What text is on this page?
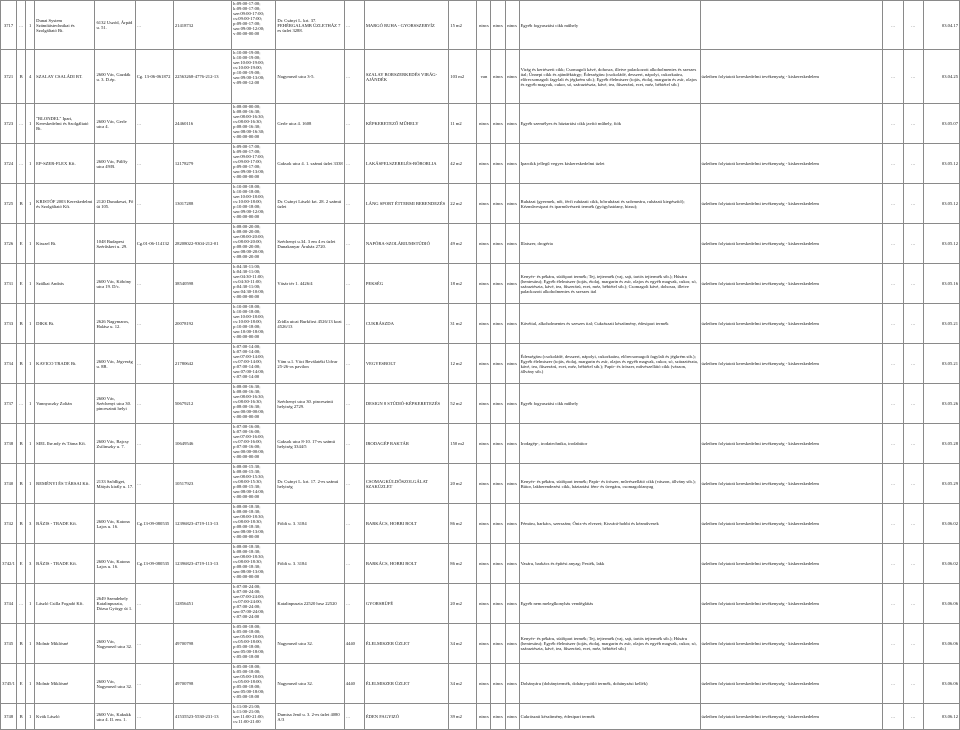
3717	…	1	Dunai System Számítástechnikai és Szolgáltató Bt.	6132 Uszód, Árpád u. 51.	…	21418732	h:09:00-17:00; k:09:00-17:00; sze:09:00-17:00; cs:09:00-17:00; p:09:00-17:00; szo:09:00-12:00; v:00:00-00:00	Dr. Csányi L. krt. 37. FEHÉRGALAMB ÜZLETHÁZ 7 es üzlet 3288.	…	MARGÓ RUHA - GYORSSZERVÍZ	15 m2	nincs	nincs	nincs	Egyéb fogyasztási cikk műhely		…	…	03.04.17
3721	B	4	SZALAY CSALÁDI BT.	2600 Vác, Gazdák u. 3. D.ép.	Cg. 13-06-061872	22563268-4776-212-13	h:10:00-19:00; k:10:00-19:00; sze:10:00-19:00; cs:10:00-19:00; p:10:00-19:00; szo:09:00-13:00; v:09:00-12:00	Nagymező utca 3-5.	…	SZALAY BORSZERKEDÉS VIRÁG-AJÁNDÉK	103 m2	van	nincs	nincs	Virág és kertészeti cikk; Csomagolt kávé, dohosra, illetve palackozott alkoholmentes és szeszes ital; Ünnepi cikk és ajándéktárgy; Édességáru (csokoládé, desszert, nápolyi, cukorkaáru, előrecsomagolt fagylalt és jégkrém stb.); Egyéb élelmiszer (tojás, étolaj, margarin és zsír, olajos és egyéb magvak, cukor, só, száraztészta, kávé, tea, fűszerárú, ecet, méz, bébiétel stb.)	üzletben folytatott kereskedelmi tevékenység - kiskereskedelem	…	…	03.04.25
3723	…	1	"BLONDEL" Ipari, Kereskedelmi és Szolgáltató Bt.	2600 Vác, Gerle utca 4.	…	24460116	h:08:00-00:00; k:08:00-16:30; sze:08:00-16:30; cs:08:00-16:30; p:08:00-16:30; szo:08:00-16:30; v:00:00-00:00	Gerle utca 4. 1608	…	KÉPKERETEZŐ MŰHELY	11 m2	nincs	nincs	nincs	Egyéb személyes és háztartási cikk javító műhely, fiók		…	…	03.05.07
3724	…	1	EP-SZER-FLEX Kft.	2600 Vác, Pálffy utca 49/B.	…	12178279	h:09:00-17:00; k:09:00-17:00; sze:09:00-17:00; cs:09:00-17:00; p:09:00-17:00; szo:09:00-13:00; v:00:00-00:00	Gaksok utca 4. 1. számú üzlet 3338	…	LAKÁSFELSZERELÉS-BÓBORLIA	42 m2	nincs	nincs	nincs	Iparcikk jellegű vegyes kiskereskedelmi üzlet	üzletben folytatott kereskedelmi tevékenység - kiskereskedelem	…	…	03.05.12
3725	B	1	KRISTÓF 2003 Kereskedelmi és Szolgáltató Kft.	2120 Dunakeszi, Fő út 105.	…	13017288	h:10:00-18:00; k:10:00-18:00; sze:10:00-18:00; cs:10:00-18:00; p:10:00-18:00; szo:09:00-12:00; v:00:00-00:00	Dr. Csányi László krt. 28. 2 számú üzlet	…	LÁNG SPORT ÉTTERMI BERENDEZÉS	22 m2	nincs	nincs	nincs	Ruházat (gyermek, női, férfi ruházati cikk, bőrruházat és szőrmeáru, ruházati kiegészítő); Kézművesipari és iparművészeti termék (gyógyhatóany, bizsu);	üzletben folytatott kereskedelmi tevékenység - kiskereskedelem	…	…	03.05.12
3726	E	1	Kisszel Bt.	1048 Budapest Szérűskert u. 29.	Cg.01-06-114132	28208022-9304-212-01	h:08:00-20:00; k:08:00-20:00; sze:08:00-20:00; cs:08:00-20:00; p:08:00-20:00; szo:08:00-20:00; v:08:00-20:00	Széchenyi u.34. 3 em 4 es üzlet Dunakanyar Áruház 2720.	…	NAPÓRA-SZOLÁRIUMSTÚDIÓ	49 m2	nincs	nincs	nincs	Illatszer, drogéria	üzletben folytatott kereskedelmi tevékenység - kiskereskedelem	…	…	03.05.12
3731	E	1	Szálkai András	2600 Vác, Köböny utca 19. D/c.	…	38540598	h:04:30-11:00; k:04:30-11:00; sze:04:30-11:00; cs:04:30-11:00; p:04:30-11:00; szo:04:30-10:00; v:00:00-00:00	Vásár tér 1. 4426/4	…	PEKSÉG	18 m2	nincs	nincs	nincs	Kenyér- és pékáru, sütőipari termék; Tej, tejtermék (vaj, sajt, tartós tejtermék stb.); Húsáru (hentesáru); Egyéb élelmiszer (tojás, étolaj, margarin és zsír, olajos és egyéb magvak, cukor, só, száraztészta, kávé, tea, fűszerárú, ecet, méz, bébiétel stb.); Csomagolt kávé, dohosra, illetve palackozott alkoholmentes és szeszes ital	üzletben folytatott kereskedelmi tevékenység - kiskereskedelem	…	…	03.05.16
3733	B	1	DIKK Bt.	2626 Nagymaros, Halász u. 12.	…	20078192	h:10:00-18:00; k:10:00-18:00; sze:10:00-18:00; cs:10:00-18:00; p:10:00-18:00; szo:10:00-18:00; v:00:00-00:00	Zrídla utcai Burkfirst 4526/13 kozt 4526/13	…	CUKRÁSZDA	31 m2	nincs	nincs	nincs	Kávéital, alkoholmentes és szeszes ital; Cukrászati készítmény, édesipari termék	üzletben folytatott kereskedelmi tevékenység - kiskereskedelem	…	…	03.05.21
3734	B	1	KAVICO TRADE Bt.	2600 Vác, Jégverág u. 8B.	…	21780642	h:07:00-14:00; k:07:00-14:00; sze:07:00-14:00; cs:07:00-14:00; p:07:00-14:00; szo:07:00-14:00; v:07:00-14:00	Vám u.1. Váci Beválatéki Udvar 25-26-os pavilon	…	VEGYESBOLT	12 m2	nincs	nincs	nincs	Édességáru (csokoládé, desszert, nápolyi, cukorkaáru, előrecsomagolt fagylalt és jégkrém stb.); Egyéb élelmiszer (tojás, étolaj, margarin és zsír, olajos és egyéb magvak, cukor, só, száraztészta, kávé, tea, fűszerárú, ecet, méz, bébiétel stb.); Papír- és írószer, művészellátó cikk (vászon, állvány stb.)	üzletben folytatott kereskedelmi tevékenység - kiskereskedelem	…	…	03.05.21
3737	…	1	Vannyaczky Zoltán	2600 Vác, Széchenyi utca 30. pinceszinti helyi	…	50679212	h:08:00-16:30; k:08:00-16:30; sze:08:00-16:30; cs:08:00-16:30; p:08:00-16:30; szo:00:00-00:00; v:00:00-00:00	Széchenyi utca 30. pinceszinti helyiség 2729.	…	DESIGN 8 STÚDIÓ-KÉPKERETEZÉS	52 m2	nincs	nincs	nincs	Egyéb fogyasztási cikk műhely		…	…	03.05.26
3738	B	1	SIEL Ihe.ndy és Tárna Kft.	2600 Vác, Bajcsy Zsilinszky u. 7.	…	10649546	h:07:00-16:00; k:07:00-16:00; sze:07:00-16:00; cs:07:00-16:00; p:07:00-16:00; szo:00:00-00:00; v:00:00-00:00	Gaksok utca 8-10. 17-es számú helyiség 3344/5	…	IRODAGÉP RAKTÁR	150 m2	nincs	nincs	nincs	Irodagép-, irodatechnika, irodabútor	üzletben folytatott kereskedelmi tevékenység - kiskereskedelem	…	…	03.05.28
3740	B	1	REMÉNYI ÉS TÁRSAI Kft.	2133 Sződliget, Mátyás király u. 17.	…	10517923	h:08:00-15:30; k:08:00-15:30; sze:08:00-15:30; cs:08:00-15:30; p:08:00-15:30; szo:08:00-14:00; v:00:00-00:00	Dr. Csányi L. krt. 17. 2-es számú helyiség	…	CSOMAGKÜLDŐSZOLGÁLAT SZAKÜZLET	20 m2	nincs	nincs	nincs	Kenyér- és pékáru, sütőipari termék; Papír- és írószer, művészellátó cikk (vászon, állvány stb.); Bútor, lakberendezési cikk, háztartási fém- és üvegáru, csomagolóanyag	üzletben folytatott kereskedelmi tevékenység - kiskereskedelem	…	…	03.05.29
3742	B	3	BÁZIS - TRADE Kft.	2600 Vác, Katona Lajos u. 16.	Cg.13-09-080535	12396823-4719-113-13	h:08:00-18:30; k:08:00-18:30; sze:08:00-18:30; cs:08:00-18:30; p:08:00-18:30; szo:08:00-13:00; v:00:00-00:00	Földi u. 3. 3184	…	BARKÁCS, HOBBI BOLT	86 m2	nincs	nincs	nincs	Fémáru, barkács, szerszám; Ónix-és elvezet; Kisvárá-hobbi és kézművesek	üzletben folytatott kereskedelmi tevékenység - kiskereskedelem	…	…	03.06.02
3742/1	E	3	BÁZIS - TRADE Kft.	2600 Vác, Katona Lajos u. 16.	Cg.13-09-080535	12396823-4719-113-13	h:08:00-18:30; k:08:00-18:30; sze:08:00-18:30; cs:08:00-18:30; p:08:00-18:30; szo:08:00-13:00; v:00:00-00:00	Földi u. 3. 3184	…	BARKÁCS, HOBBI BOLT	86 m2	nincs	nincs	nincs	Vasáru, barkács és építési anyag; Festék, lakk	üzletben folytatott kereskedelmi tevékenység - kiskereskedelem	…	…	03.06.02
3744	…	1	László Csilla Fogadó Kft.	2649 Szendehely Katalinpuszta, Dózsa György út 1.	…	12856451	h:07:00-24:00; k:07:00-24:00; sze:07:00-24:00; cs:07:00-24:00; p:07:00-24:00; szo:07:00-24:00; v:07:00-24:00	Katalinpuszta 22520 hrsz 22520	…	GYORSBÜFÉ	20 m2	nincs	nincs	nincs	Egyéb nem meleglkonyhás vendéglátás	üzletben folytatott kereskedelmi tevékenység - kiskereskedelem	…	…	03.06.06
3745	B	1	Molnár Miklósné	2600 Vác, Nagymező utca 32.	…	49700798	h:05:00-18:00; k:05:00-18:00; sze:05:00-18:00; cs:05:00-18:00; p:05:00-18:00; szo:05:00-18:00; v:05:00-18:00	Nagymező utca 32.	4440	ÉLELMISZER ÜZLET	34 m2	nincs	nincs	nincs	Kenyér- és pékáru, sütőipari termék; Tej, tejtermék (vaj, sajt, tartós tejtermék stb.); Húsáru (hentesáru); Egyéb élelmiszer (tojás, étolaj, margarin és zsír, olajos és egyéb magvak, cukor, só, száraztészta, kávé, tea, fűszerárú, ecet, méz, bébiétel stb.)	üzletben folytatott kereskedelmi tevékenység - kiskereskedelem	…	…	03.06.06
3745/1	E	1	Molnár Miklósné	2600 Vác, Nagymező utca 32.	…	49700798	h:05:00-18:00; k:05:00-18:00; sze:05:00-18:00; cs:05:00-18:00; p:05:00-18:00; szo:05:00-18:00; v:05:00-18:00	Nagymező utca 32.	4440	ÉLELMISZER ÜZLET	34 m2	nincs	nincs	nincs	Dohányáru (dohánytermék, dohány-pótló termék, dohányzási kellék)	üzletben folytatott kereskedelmi tevékenység - kiskereskedelem	…	…	03.06.06
3748	B	1	Kvák László	2600 Vác, Kakukk utca 4. II. em. 1.	…	41535523-5530-231-13	h:11:00-21:00; k:11:00-21:00; sze:11:00-21:00; cs:11:00-21:00	Dumtsa Jenő u. 3. 2-es üzlet 4080 A/3	…	ÉDEN FAGYIZÓ	39 m2	nincs	nincs	nincs	Cukrászati készítmény, édesipari termék	üzletben folytatott kereskedelmi tevékenység - kiskereskedelem	…	…	03.06.12
